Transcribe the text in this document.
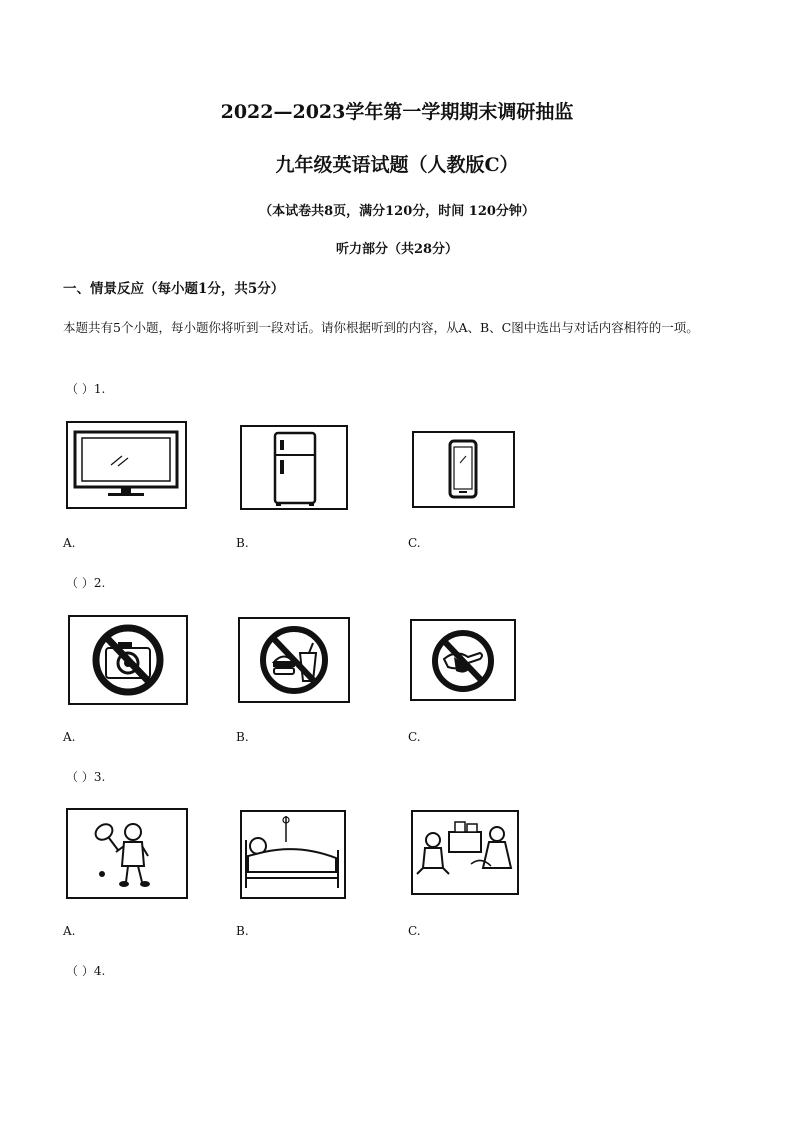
2022—2023学年第一学期期末调研抽监
九年级英语试题（人教版C）
（本试卷共8页，满分120分，时间 120分钟）
听力部分（共28分）
一、情景反应（每小题1分，共5分）
本题共有5个小题，每小题你将听到一段对话。请你根据听到的内容，从A、B、C图中选出与对话内容相符的一项。
（ ）1.
A.	B.	C.
（ ）2.
A.	B.	C.
（ ）3.
A.	B.	C.
（ ）4.
